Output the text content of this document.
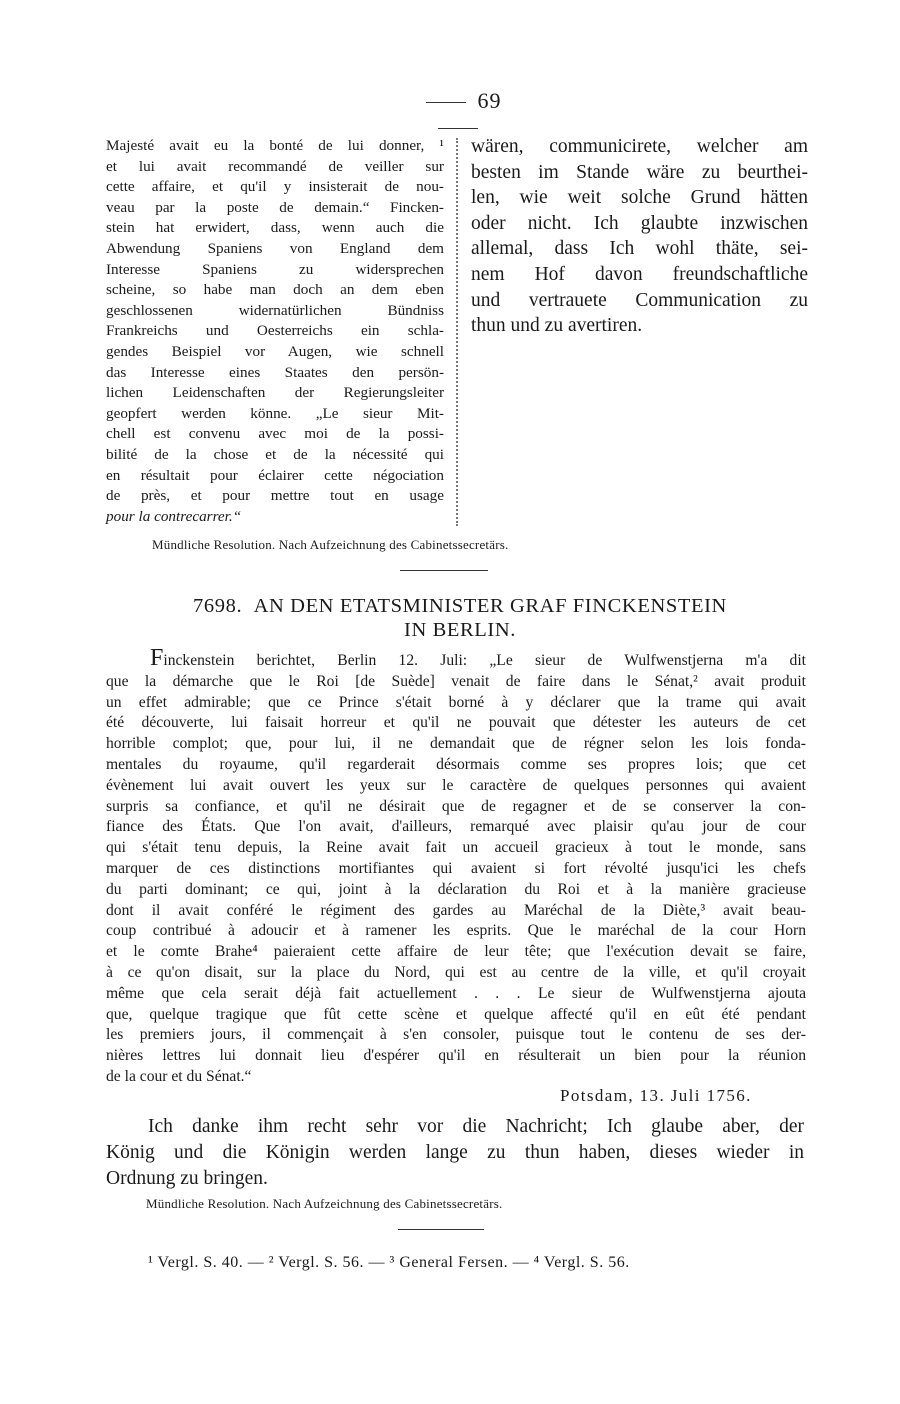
69
Majesté avait eu la bonté de lui donner, ¹
et lui avait recommandé de veiller sur
cette affaire, et qu'il y insisterait de nou-
veau par la poste de demain.“ Fincken-
stein hat erwidert, dass, wenn auch die
Abwendung Spaniens von England dem
Interesse Spaniens zu widersprechen
scheine, so habe man doch an dem eben
geschlossenen widernatürlichen Bündniss
Frankreichs und Oesterreichs ein schla-
gendes Beispiel vor Augen, wie schnell
das Interesse eines Staates den persön-
lichen Leidenschaften der Regierungsleiter
geopfert werden könne. „Le sieur Mit-
chell est convenu avec moi de la possi-
bilité de la chose et de la nécessité qui
en résultait pour éclairer cette négociation
de près, et pour mettre tout en usage
pour la contrecarrer.“
wären, communicirete, welcher am
besten im Stande wäre zu beurthei-
len, wie weit solche Grund hätten
oder nicht. Ich glaubte inzwischen
allemal, dass Ich wohl thäte, sei-
nem Hof davon freundschaftliche
und vertrauete Communication zu
thun und zu avertiren.
Mündliche Resolution. Nach Aufzeichnung des Cabinetssecretärs.
7698. AN DEN ETATSMINISTER GRAF FINCKENSTEIN
IN BERLIN.
Finckenstein berichtet, Berlin 12. Juli: „Le sieur de Wulfwenstjerna m'a dit
que la démarche que le Roi [de Suède] venait de faire dans le Sénat,² avait produit
un effet admirable; que ce Prince s'était borné à y déclarer que la trame qui avait
été découverte, lui faisait horreur et qu'il ne pouvait que détester les auteurs de cet
horrible complot; que, pour lui, il ne demandait que de régner selon les lois fonda-
mentales du royaume, qu'il regarderait désormais comme ses propres lois; que cet
évènement lui avait ouvert les yeux sur le caractère de quelques personnes qui avaient
surpris sa confiance, et qu'il ne désirait que de regagner et de se conserver la con-
fiance des États. Que l'on avait, d'ailleurs, remarqué avec plaisir qu'au jour de cour
qui s'était tenu depuis, la Reine avait fait un accueil gracieux à tout le monde, sans
marquer de ces distinctions mortifiantes qui avaient si fort révolté jusqu'ici les chefs
du parti dominant; ce qui, joint à la déclaration du Roi et à la manière gracieuse
dont il avait conféré le régiment des gardes au Maréchal de la Diète,³ avait beau-
coup contribué à adoucir et à ramener les esprits. Que le maréchal de la cour Horn
et le comte Brahe⁴ paieraient cette affaire de leur tête; que l'exécution devait se faire,
à ce qu'on disait, sur la place du Nord, qui est au centre de la ville, et qu'il croyait
même que cela serait déjà fait actuellement . . . Le sieur de Wulfwenstjerna ajouta
que, quelque tragique que fût cette scène et quelque affecté qu'il en eût été pendant
les premiers jours, il commençait à s'en consoler, puisque tout le contenu de ses der-
nières lettres lui donnait lieu d'espérer qu'il en résulterait un bien pour la réunion
de la cour et du Sénat.“
Potsdam, 13. Juli 1756.
Ich danke ihm recht sehr vor die Nachricht; Ich glaube aber, der
König und die Königin werden lange zu thun haben, dieses wieder in
Ordnung zu bringen.
Mündliche Resolution. Nach Aufzeichnung des Cabinetssecretärs.
¹ Vergl. S. 40. — ² Vergl. S. 56. — ³ General Fersen. — ⁴ Vergl. S. 56.
